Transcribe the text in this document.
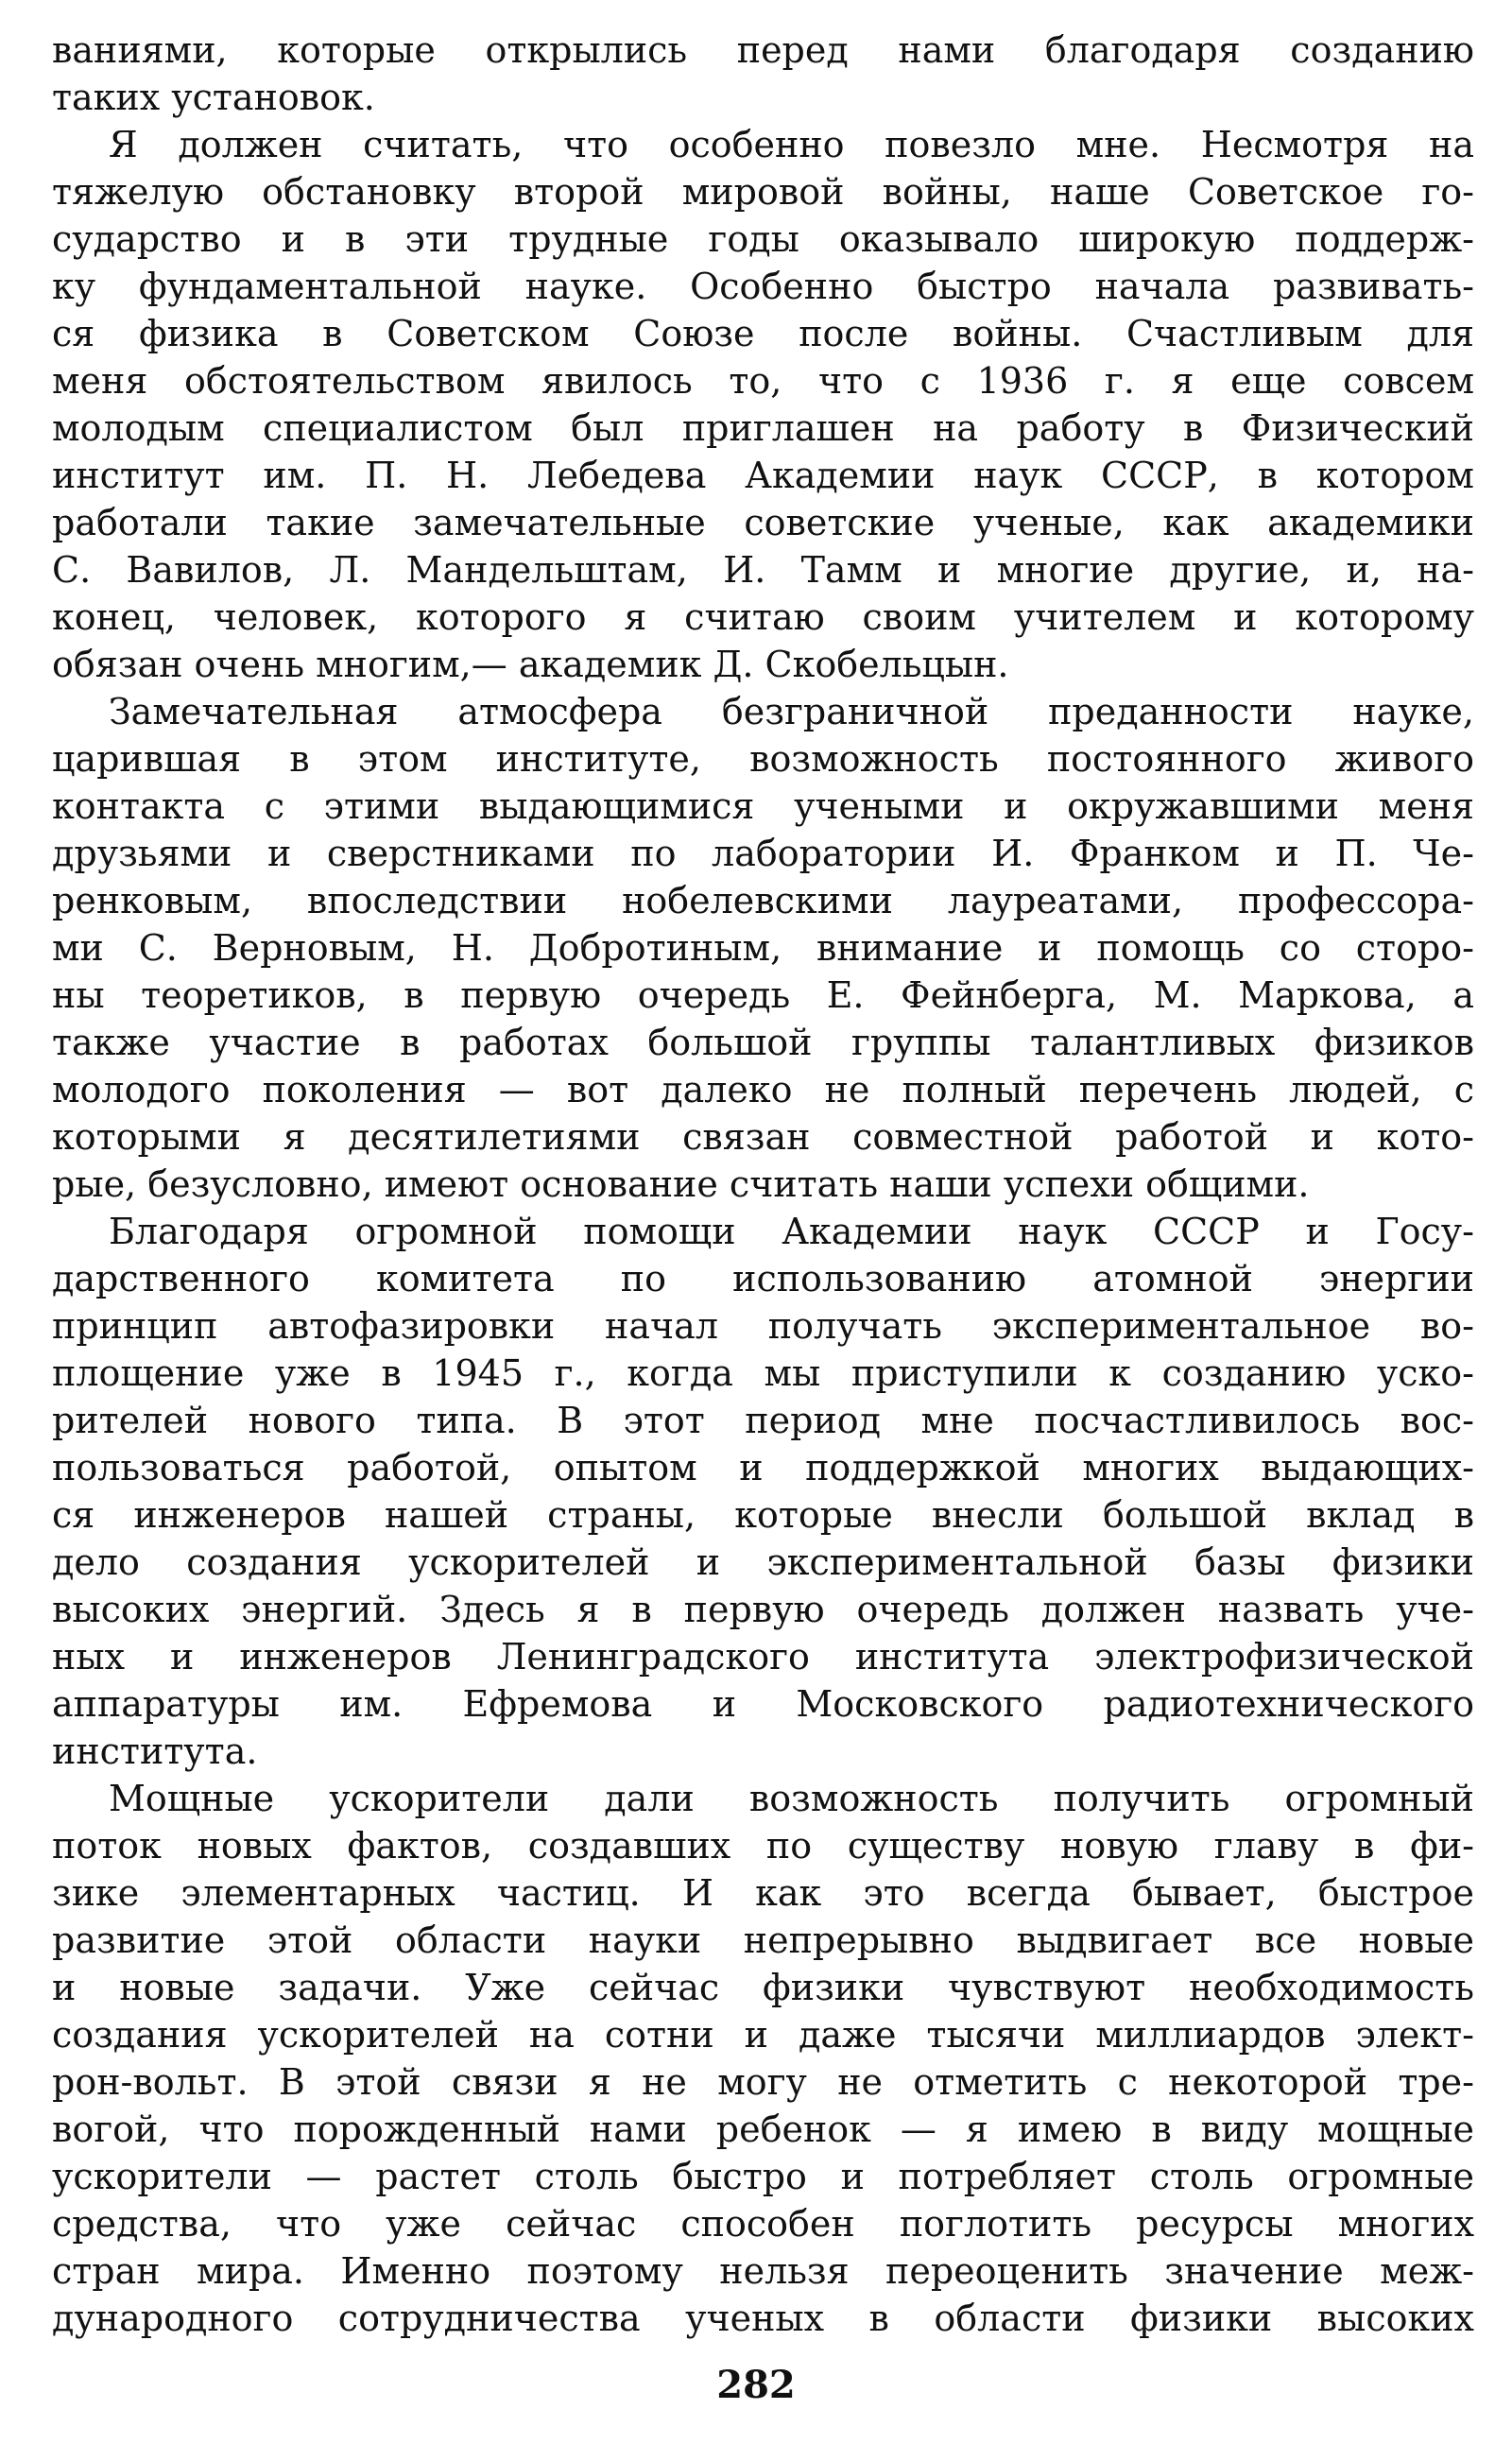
ваниями, которые открылись перед нами благодаря созданию
таких установок.

Я должен считать, что особенно повезло мне. Несмотря на
тяжелую обстановку второй мировой войны, наше Советское го-
сударство и в эти трудные годы оказывало широкую поддерж-
ку фундаментальной науке. Особенно быстро начала развивать-
ся физика в Советском Союзе после войны. Счастливым для
меня обстоятельством явилось то, что с 1936 г. я еще совсем
молодым специалистом был приглашен на работу в Физический
институт им. П. Н. Лебедева Академии наук СССР, в котором
работали такие замечательные советские ученые, как академики
С. Вавилов, Л. Мандельштам, И. Тамм и многие другие, и, на-
конец, человек, которого я считаю своим учителем и которому
обязан очень многим,— академик Д. Скобельцын.

Замечательная атмосфера безграничной преданности науке,
царившая в этом институте, возможность постоянного живого
контакта с этими выдающимися учеными и окружавшими меня
друзьями и сверстниками по лаборатории И. Франком и П. Че-
ренковым, впоследствии нобелевскими лауреатами, профессора-
ми С. Верновым, Н. Добротиным, внимание и помощь со сторо-
ны теоретиков, в первую очередь Е. Фейнберга, М. Маркова, а
также участие в работах большой группы талантливых физиков
молодого поколения — вот далеко не полный перечень людей, с
которыми я десятилетиями связан совместной работой и кото-
рые, безусловно, имеют основание считать наши успехи общими.

Благодаря огромной помощи Академии наук СССР и Госу-
дарственного комитета по использованию атомной энергии
принцип автофазировки начал получать экспериментальное во-
площение уже в 1945 г., когда мы приступили к созданию уско-
рителей нового типа. В этот период мне посчастливилось вос-
пользоваться работой, опытом и поддержкой многих выдающих-
ся инженеров нашей страны, которые внесли большой вклад в
дело создания ускорителей и экспериментальной базы физики
высоких энергий. Здесь я в первую очередь должен назвать уче-
ных и инженеров Ленинградского института электрофизической
аппаратуры им. Ефремова и Московского радиотехнического
института.

Мощные ускорители дали возможность получить огромный
поток новых фактов, создавших по существу новую главу в фи-
зике элементарных частиц. И как это всегда бывает, быстрое
развитие этой области науки непрерывно выдвигает все новые
и новые задачи. Уже сейчас физики чувствуют необходимость
создания ускорителей на сотни и даже тысячи миллиардов элект-
рон-вольт. В этой связи я не могу не отметить с некоторой тре-
вогой, что порожденный нами ребенок — я имею в виду мощные
ускорители — растет столь быстро и потребляет столь огромные
средства, что уже сейчас способен поглотить ресурсы многих
стран мира. Именно поэтому нельзя переоценить значение меж-
дународного сотрудничества ученых в области физики высоких

282
